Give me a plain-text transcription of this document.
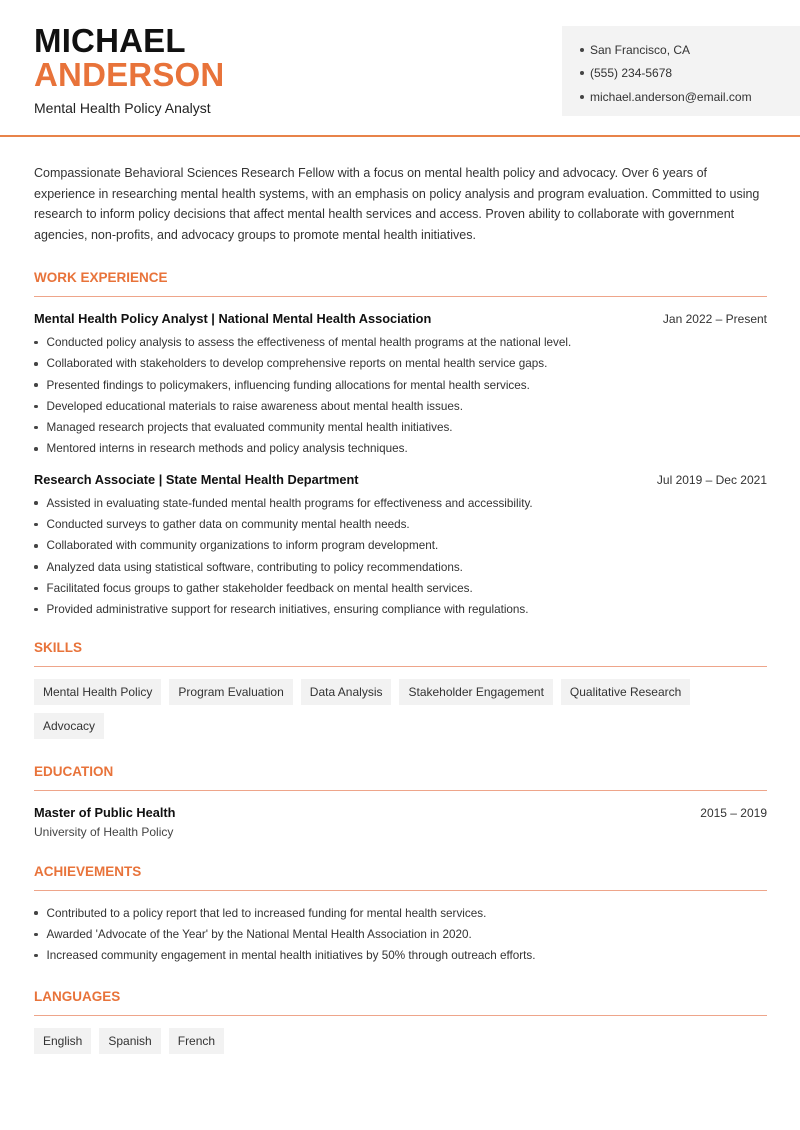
MICHAEL
ANDERSON
Mental Health Policy Analyst
San Francisco, CA
(555) 234-5678
michael.anderson@email.com

Compassionate Behavioral Sciences Research Fellow with a focus on mental health policy and advocacy. Over 6 years of experience in researching mental health systems, with an emphasis on policy analysis and program evaluation. Committed to using research to inform policy decisions that affect mental health services and access. Proven ability to collaborate with government agencies, non-profits, and advocacy groups to promote mental health initiatives.

WORK EXPERIENCE
Mental Health Policy Analyst | National Mental Health Association	Jan 2022 – Present
Conducted policy analysis to assess the effectiveness of mental health programs at the national level.
Collaborated with stakeholders to develop comprehensive reports on mental health service gaps.
Presented findings to policymakers, influencing funding allocations for mental health services.
Developed educational materials to raise awareness about mental health issues.
Managed research projects that evaluated community mental health initiatives.
Mentored interns in research methods and policy analysis techniques.
Research Associate | State Mental Health Department	Jul 2019 – Dec 2021
Assisted in evaluating state-funded mental health programs for effectiveness and accessibility.
Conducted surveys to gather data on community mental health needs.
Collaborated with community organizations to inform program development.
Analyzed data using statistical software, contributing to policy recommendations.
Facilitated focus groups to gather stakeholder feedback on mental health services.
Provided administrative support for research initiatives, ensuring compliance with regulations.
SKILLS
Mental Health Policy	Program Evaluation	Data Analysis	Stakeholder Engagement	Qualitative Research
Advocacy
EDUCATION
Master of Public Health	2015 – 2019
University of Health Policy
ACHIEVEMENTS
Contributed to a policy report that led to increased funding for mental health services.
Awarded 'Advocate of the Year' by the National Mental Health Association in 2020.
Increased community engagement in mental health initiatives by 50% through outreach efforts.
LANGUAGES
English	Spanish	French
